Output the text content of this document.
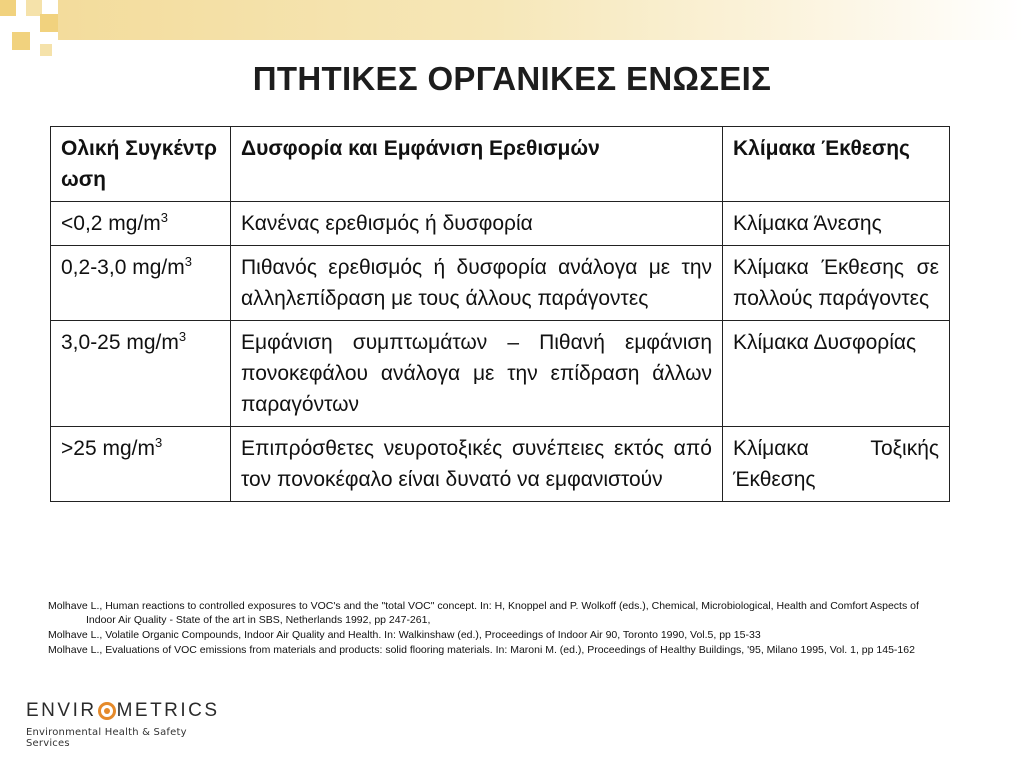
ΠΤΗΤΙΚΕΣ ΟΡΓΑΝΙΚΕΣ ΕΝΩΣΕΙΣ
Ολική Συγκέντρωση	Δυσφορία και Εμφάνιση Ερεθισμών	Κλίμακα Έκθεσης
<0,2 $mg/m^3$	Κανένας ερεθισμός ή δυσφορία	Κλίμακα Άνεσης
0,2-3,0 $mg/m^3$	Πιθανός ερεθισμός ή δυσφορία ανάλογα με την αλληλεπίδραση με τους άλλους παράγοντες	Κλίμακα Έκθεσης σε πολλούς παράγοντες
3,0-25 $mg/m^3$	Εμφάνιση συμπτωμάτων – Πιθανή εμφάνιση πονοκεφάλου ανάλογα με την επίδραση άλλων παραγόντων	Κλίμακα Δυσφορίας
>25 $mg/m^3$	Επιπρόσθετες νευροτοξικές συνέπειες εκτός από τον πονοκέφαλο είναι δυνατό να εμφανιστούν	Κλίμακα Τοξικής Έκθεσης
Molhave L., Human reactions to controlled exposures to VOC's and the "total VOC" concept. In: H, Knoppel and P. Wolkoff (eds.), Chemical, Microbiological, Health and Comfort Aspects of Indoor Air Quality - State of the art in SBS, Netherlands 1992, pp 247-261,
Molhave L., Volatile Organic Compounds, Indoor Air Quality and Health. In: Walkinshaw (ed.), Proceedings of Indoor Air 90, Toronto 1990, Vol.5, pp 15-33
Molhave L., Evaluations of VOC emissions from materials and products: solid flooring materials. In: Maroni M. (ed.), Proceedings of Healthy Buildings, '95, Milano 1995, Vol. 1, pp 145-162
ENVIR METRICS
Environmental Health & Safety Services
